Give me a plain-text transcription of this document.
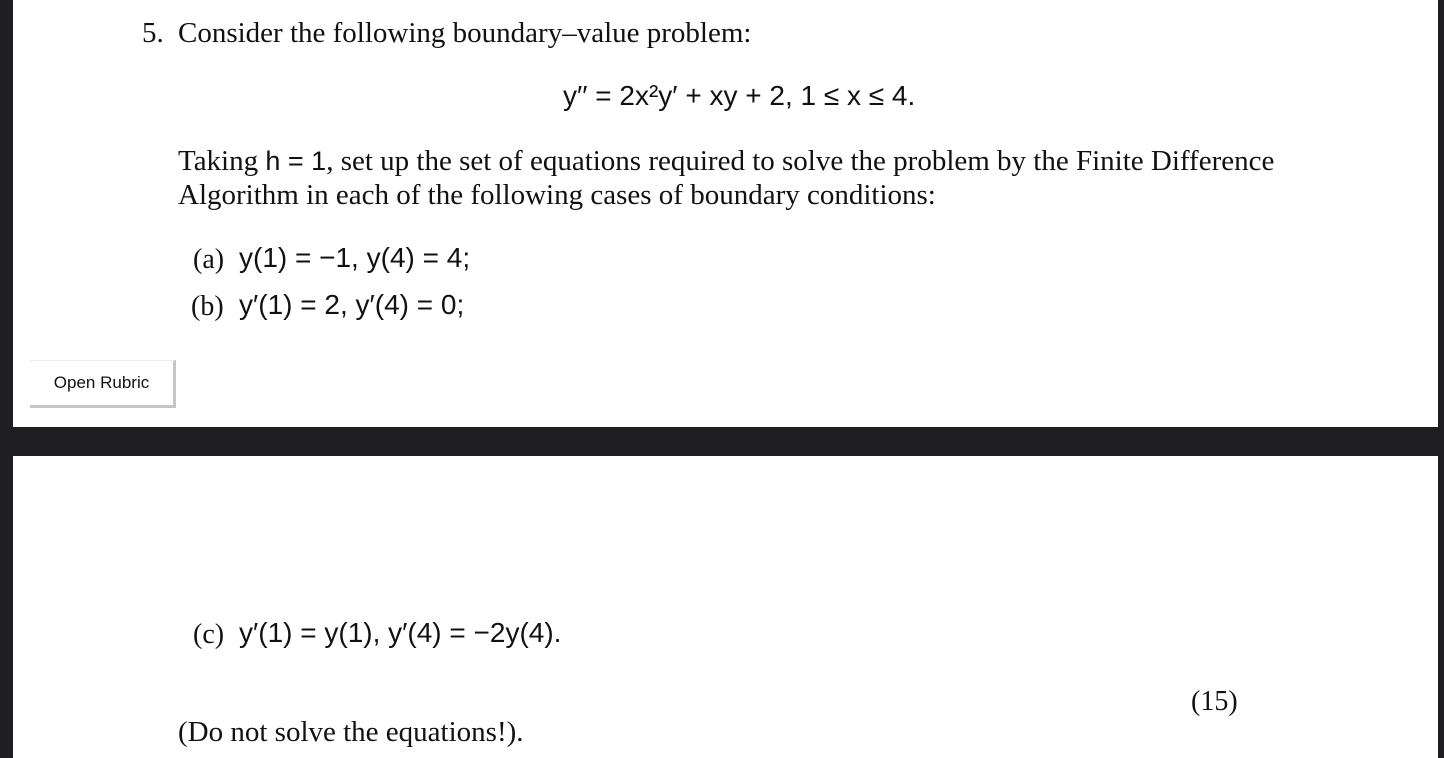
5. Consider the following boundary–value problem:
y′′ = 2x²y′ + xy + 2, 1 ≤ x ≤ 4.
Taking h = 1, set up the set of equations required to solve the problem by the Finite Difference
Algorithm in each of the following cases of boundary conditions:
(a) y(1) = −1, y(4) = 4;
(b) y′(1) = 2, y′(4) = 0;
Open Rubric
(c) y′(1) = y(1), y′(4) = −2y(4).
(15)
(Do not solve the equations!).
